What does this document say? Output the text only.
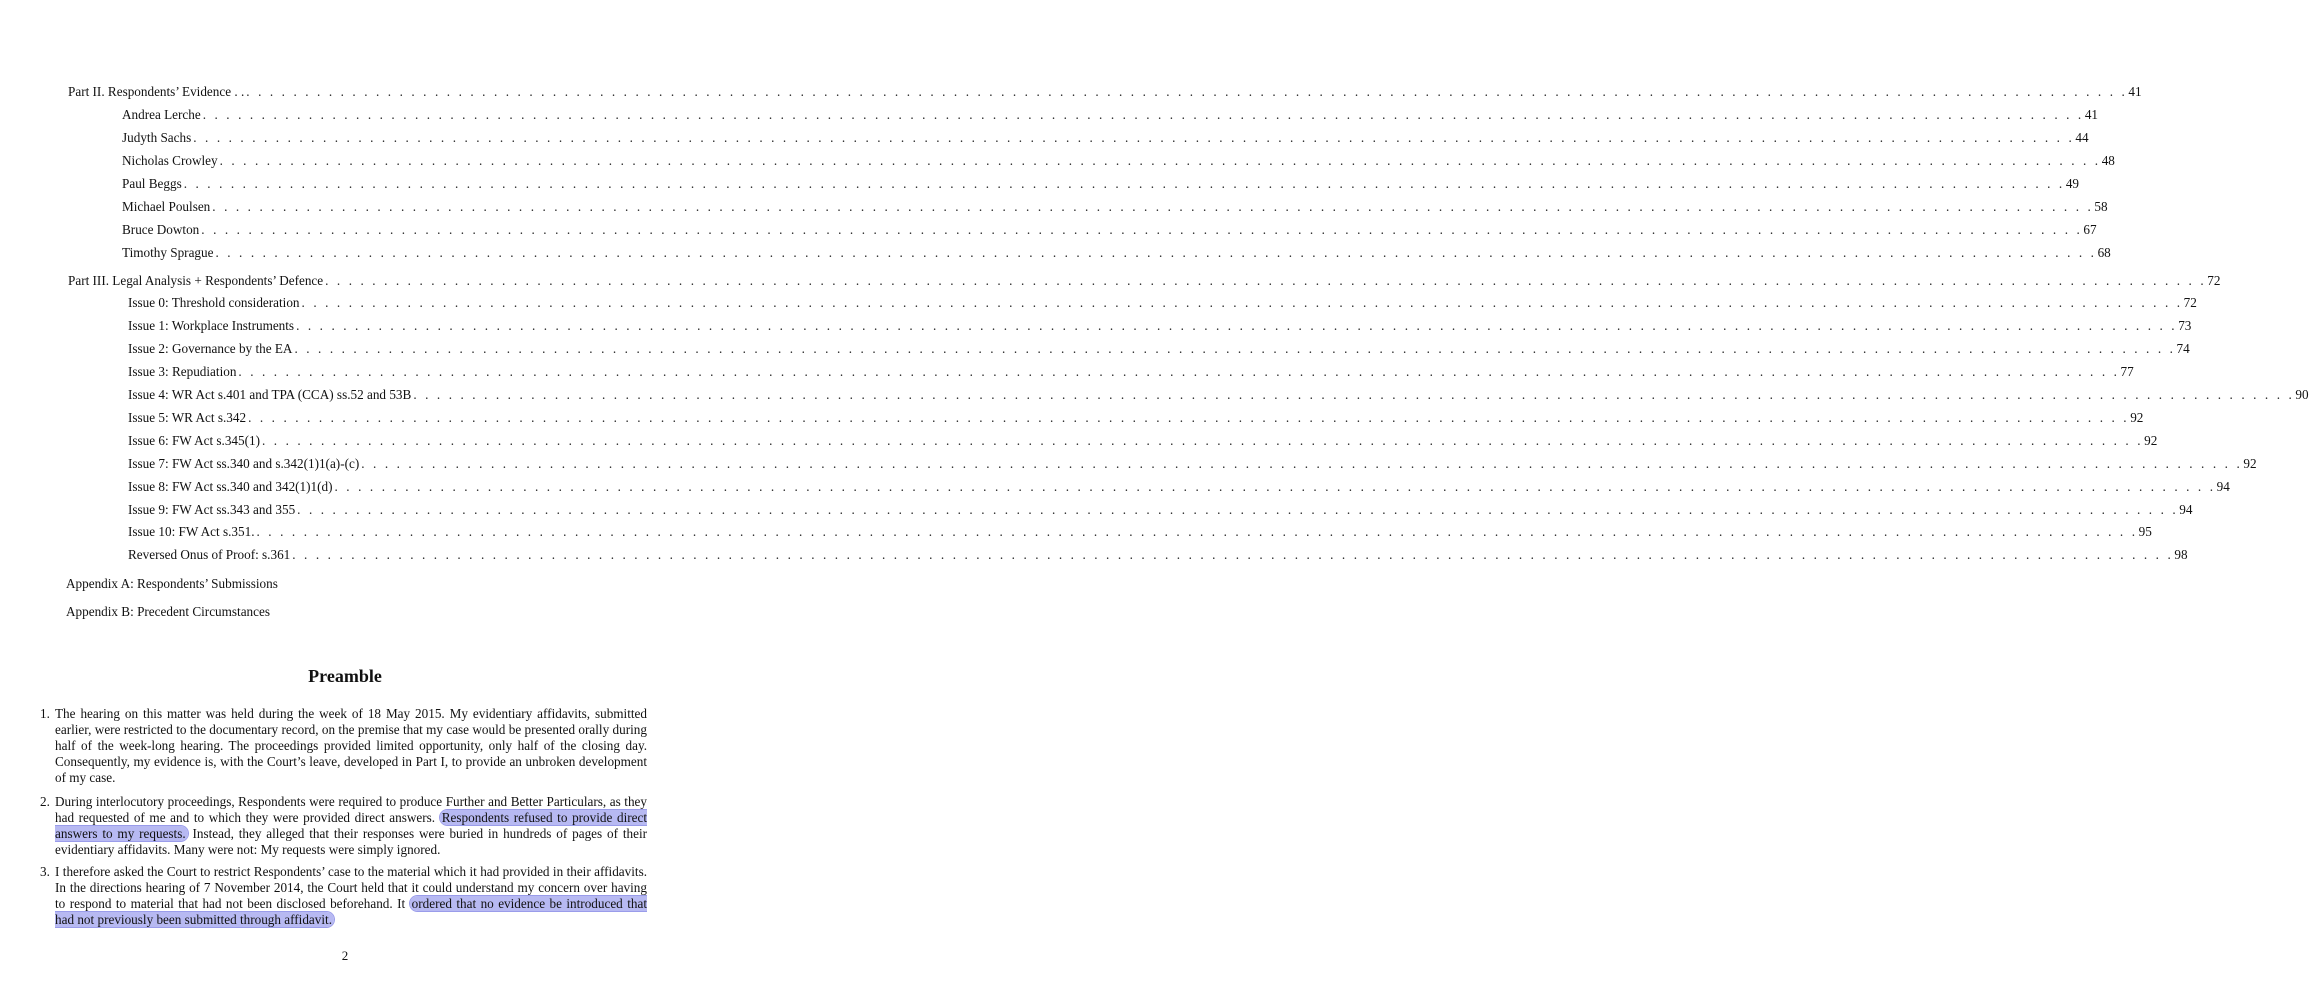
Part II. Respondents’ Evidence . . . . . . . . . . . . . . . . . . . . . . . . . . . . . . . . . . . . . . . . . . . . . . . . . . . . . . . . . . . . . . . . . . . . . . . . . . . . . . . . . . . . . . . . . . . . . . . . . . . . . . . . . . . . . . . . . . . . . . . . . . . . . . . . . . . . . . . . . . . . . . . . . . . . . . . . . . . . . . . . . . 41
Andrea Lerche . . . . . . . . . . . . . . . . . . . . . . . . . . . . . . . . . . . . . . . . . . . . . . . . . . . . . . . . . . . . . . . . . . . . . . . . . . . . . . . . . . . . . . . . . . . . . . . . . . . . . . . . . . . . . . . . . . . . . . . . . . . . . . . . . . . . . . . . . . . . . . . . . . . . . . . . . . . . . . . . 41
Judyth Sachs . . . . . . . . . . . . . . . . . . . . . . . . . . . . . . . . . . . . . . . . . . . . . . . . . . . . . . . . . . . . . . . . . . . . . . . . . . . . . . . . . . . . . . . . . . . . . . . . . . . . . . . . . . . . . . . . . . . . . . . . . . . . . . . . . . . . . . . . . . . . . . . . . . . . . . . . . . . . . . . . 44
Nicholas Crowley . . . . . . . . . . . . . . . . . . . . . . . . . . . . . . . . . . . . . . . . . . . . . . . . . . . . . . . . . . . . . . . . . . . . . . . . . . . . . . . . . . . . . . . . . . . . . . . . . . . . . . . . . . . . . . . . . . . . . . . . . . . . . . . . . . . . . . . . . . . . . . . . . . . . . . . . . . . . . . . . 48
Paul Beggs . . . . . . . . . . . . . . . . . . . . . . . . . . . . . . . . . . . . . . . . . . . . . . . . . . . . . . . . . . . . . . . . . . . . . . . . . . . . . . . . . . . . . . . . . . . . . . . . . . . . . . . . . . . . . . . . . . . . . . . . . . . . . . . . . . . . . . . . . . . . . . . . . . . . . . . . . . . . . . . . 49
Michael Poulsen . . . . . . . . . . . . . . . . . . . . . . . . . . . . . . . . . . . . . . . . . . . . . . . . . . . . . . . . . . . . . . . . . . . . . . . . . . . . . . . . . . . . . . . . . . . . . . . . . . . . . . . . . . . . . . . . . . . . . . . . . . . . . . . . . . . . . . . . . . . . . . . . . . . . . . . . . . . . . . . . 58
Bruce Dowton . . . . . . . . . . . . . . . . . . . . . . . . . . . . . . . . . . . . . . . . . . . . . . . . . . . . . . . . . . . . . . . . . . . . . . . . . . . . . . . . . . . . . . . . . . . . . . . . . . . . . . . . . . . . . . . . . . . . . . . . . . . . . . . . . . . . . . . . . . . . . . . . . . . . . . . . . . . . . . . . 67
Timothy Sprague . . . . . . . . . . . . . . . . . . . . . . . . . . . . . . . . . . . . . . . . . . . . . . . . . . . . . . . . . . . . . . . . . . . . . . . . . . . . . . . . . . . . . . . . . . . . . . . . . . . . . . . . . . . . . . . . . . . . . . . . . . . . . . . . . . . . . . . . . . . . . . . . . . . . . . . . . . . . . . . . 68
Part III. Legal Analysis + Respondents’ Defence . . . . . . . . . . . . . . . . . . . . . . . . . . . . . . . . . . . . . . . . . . . . . . . . . . . . . . . . . . . . . . . . . . . . . . . . . . . . . . . . . . . . . . . . . . . . . . . . . . . . . . . . . . . . . . . . . . . . . . . . . . . . . . . . . . . . . . . . . . . . . . . . . . . . . . . . . . . . . . . . 72
Issue 0: Threshold consideration . . . . . . . . . . . . . . . . . . . . . . . . . . . . . . . . . . . . . . . . . . . . . . . . . . . . . . . . . . . . . . . . . . . . . . . . . . . . . . . . . . . . . . . . . . . . . . . . . . . . . . . . . . . . . . . . . . . . . . . . . . . . . . . . . . . . . . . . . . . . . . . . . . . . . . . . . . . . . . . . 72
Issue 1: Workplace Instruments . . . . . . . . . . . . . . . . . . . . . . . . . . . . . . . . . . . . . . . . . . . . . . . . . . . . . . . . . . . . . . . . . . . . . . . . . . . . . . . . . . . . . . . . . . . . . . . . . . . . . . . . . . . . . . . . . . . . . . . . . . . . . . . . . . . . . . . . . . . . . . . . . . . . . . . . . . . . . . . . 73
Issue 2: Governance by the EA . . . . . . . . . . . . . . . . . . . . . . . . . . . . . . . . . . . . . . . . . . . . . . . . . . . . . . . . . . . . . . . . . . . . . . . . . . . . . . . . . . . . . . . . . . . . . . . . . . . . . . . . . . . . . . . . . . . . . . . . . . . . . . . . . . . . . . . . . . . . . . . . . . . . . . . . . . . . . . . . 74
Issue 3: Repudiation . . . . . . . . . . . . . . . . . . . . . . . . . . . . . . . . . . . . . . . . . . . . . . . . . . . . . . . . . . . . . . . . . . . . . . . . . . . . . . . . . . . . . . . . . . . . . . . . . . . . . . . . . . . . . . . . . . . . . . . . . . . . . . . . . . . . . . . . . . . . . . . . . . . . . . . . . . . . . . . . 77
Issue 4: WR Act s.401 and TPA (CCA) ss.52 and 53B . . . . . . . . . . . . . . . . . . . . . . . . . . . . . . . . . . . . . . . . . . . . . . . . . . . . . . . . . . . . . . . . . . . . . . . . . . . . . . . . . . . . . . . . . . . . . . . . . . . . . . . . . . . . . . . . . . . . . . . . . . . . . . . . . . . . . . . . . . . . . . . . . . . . . . . . . . . . . . . . 90
Issue 5: WR Act s.342 . . . . . . . . . . . . . . . . . . . . . . . . . . . . . . . . . . . . . . . . . . . . . . . . . . . . . . . . . . . . . . . . . . . . . . . . . . . . . . . . . . . . . . . . . . . . . . . . . . . . . . . . . . . . . . . . . . . . . . . . . . . . . . . . . . . . . . . . . . . . . . . . . . . . . . . . . . . . . . . . 92
Issue 6: FW Act s.345(1) . . . . . . . . . . . . . . . . . . . . . . . . . . . . . . . . . . . . . . . . . . . . . . . . . . . . . . . . . . . . . . . . . . . . . . . . . . . . . . . . . . . . . . . . . . . . . . . . . . . . . . . . . . . . . . . . . . . . . . . . . . . . . . . . . . . . . . . . . . . . . . . . . . . . . . . . . . . . . . . . 92
Issue 7: FW Act ss.340 and s.342(1)1(a)-(c) . . . . . . . . . . . . . . . . . . . . . . . . . . . . . . . . . . . . . . . . . . . . . . . . . . . . . . . . . . . . . . . . . . . . . . . . . . . . . . . . . . . . . . . . . . . . . . . . . . . . . . . . . . . . . . . . . . . . . . . . . . . . . . . . . . . . . . . . . . . . . . . . . . . . . . . . . . . . . . . . 92
Issue 8: FW Act ss.340 and 342(1)1(d) . . . . . . . . . . . . . . . . . . . . . . . . . . . . . . . . . . . . . . . . . . . . . . . . . . . . . . . . . . . . . . . . . . . . . . . . . . . . . . . . . . . . . . . . . . . . . . . . . . . . . . . . . . . . . . . . . . . . . . . . . . . . . . . . . . . . . . . . . . . . . . . . . . . . . . . . . . . . . . . . 94
Issue 9: FW Act ss.343 and 355 . . . . . . . . . . . . . . . . . . . . . . . . . . . . . . . . . . . . . . . . . . . . . . . . . . . . . . . . . . . . . . . . . . . . . . . . . . . . . . . . . . . . . . . . . . . . . . . . . . . . . . . . . . . . . . . . . . . . . . . . . . . . . . . . . . . . . . . . . . . . . . . . . . . . . . . . . . . . . . . . 94
Issue 10: FW Act s.351. . . . . . . . . . . . . . . . . . . . . . . . . . . . . . . . . . . . . . . . . . . . . . . . . . . . . . . . . . . . . . . . . . . . . . . . . . . . . . . . . . . . . . . . . . . . . . . . . . . . . . . . . . . . . . . . . . . . . . . . . . . . . . . . . . . . . . . . . . . . . . . . . . . . . . . . . . . . . . . . . 95
Reversed Onus of Proof: s.361 . . . . . . . . . . . . . . . . . . . . . . . . . . . . . . . . . . . . . . . . . . . . . . . . . . . . . . . . . . . . . . . . . . . . . . . . . . . . . . . . . . . . . . . . . . . . . . . . . . . . . . . . . . . . . . . . . . . . . . . . . . . . . . . . . . . . . . . . . . . . . . . . . . . . . . . . . . . . . . . . 98
Appendix A: Respondents’ Submissions
Appendix B: Precedent Circumstances
Preamble
1. The hearing on this matter was held during the week of 18 May 2015. My evidentiary affidavits, submitted earlier, were restricted to the documentary record, on the premise that my case would be presented orally during half of the week-long hearing. The proceedings provided limited opportunity, only half of the closing day. Consequently, my evidence is, with the Court’s leave, developed in Part I, to provide an unbroken development of my case.
2. During interlocutory proceedings, Respondents were required to produce Further and Better Particulars, as they had requested of me and to which they were provided direct answers. Respondents refused to provide direct answers to my requests. Instead, they alleged that their responses were buried in hundreds of pages of their evidentiary affidavits. Many were not: My requests were simply ignored.
3. I therefore asked the Court to restrict Respondents’ case to the material which it had provided in their affidavits. In the directions hearing of 7 November 2014, the Court held that it could understand my concern over having to respond to material that had not been disclosed beforehand. It ordered that no evidence be introduced that had not previously been submitted through affidavit.
2
